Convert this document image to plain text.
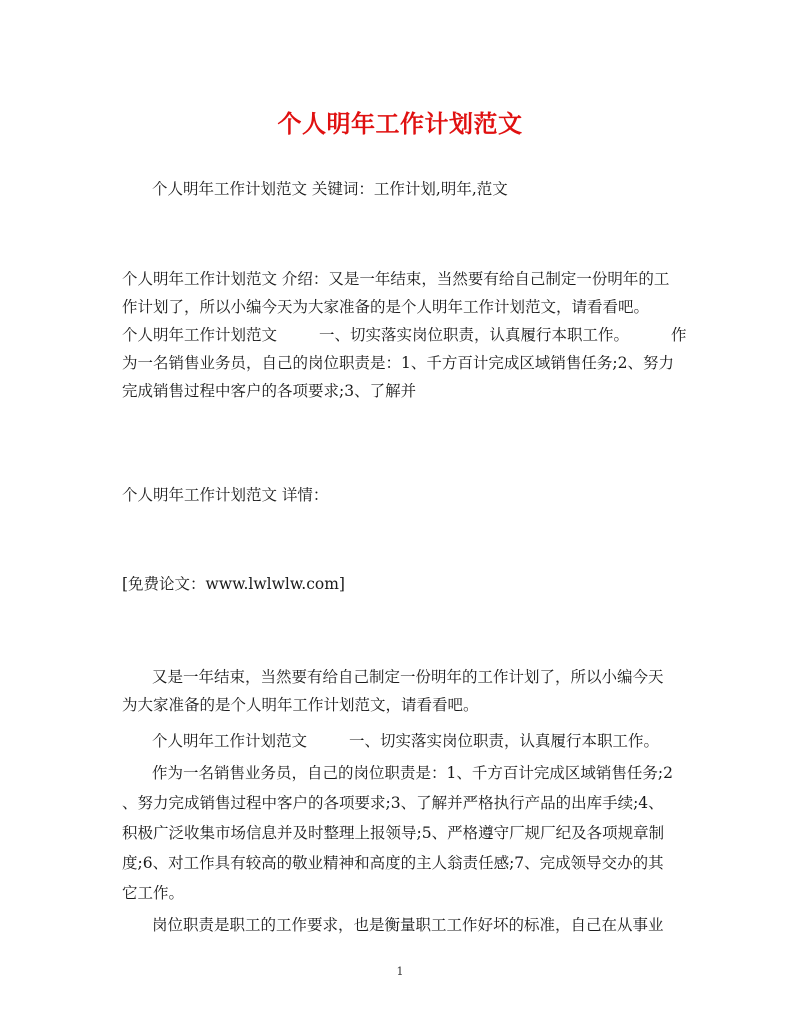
个人明年工作计划范文
个人明年工作计划范文 关键词：工作计划,明年,范文
个人明年工作计划范文 介绍：又是一年结束，当然要有给自己制定一份明年的工
作计划了，所以小编今天为大家准备的是个人明年工作计划范文，请看看吧。
个人明年工作计划范文	一、切实落实岗位职责，认真履行本职工作。	作
为一名销售业务员，自己的岗位职责是：1、千方百计完成区域销售任务;2、努力
完成销售过程中客户的各项要求;3、了解并
个人明年工作计划范文 详情：
[免费论文：www.lwlwlw.com]
又是一年结束，当然要有给自己制定一份明年的工作计划了，所以小编今天
为大家准备的是个人明年工作计划范文，请看看吧。
个人明年工作计划范文	一、切实落实岗位职责，认真履行本职工作。
作为一名销售业务员，自己的岗位职责是：1、千方百计完成区域销售任务;2
、努力完成销售过程中客户的各项要求;3、了解并严格执行产品的出库手续;4、
积极广泛收集市场信息并及时整理上报领导;5、严格遵守厂规厂纪及各项规章制
度;6、对工作具有较高的敬业精神和高度的主人翁责任感;7、完成领导交办的其
它工作。
岗位职责是职工的工作要求，也是衡量职工工作好坏的标准，自己在从事业
1
